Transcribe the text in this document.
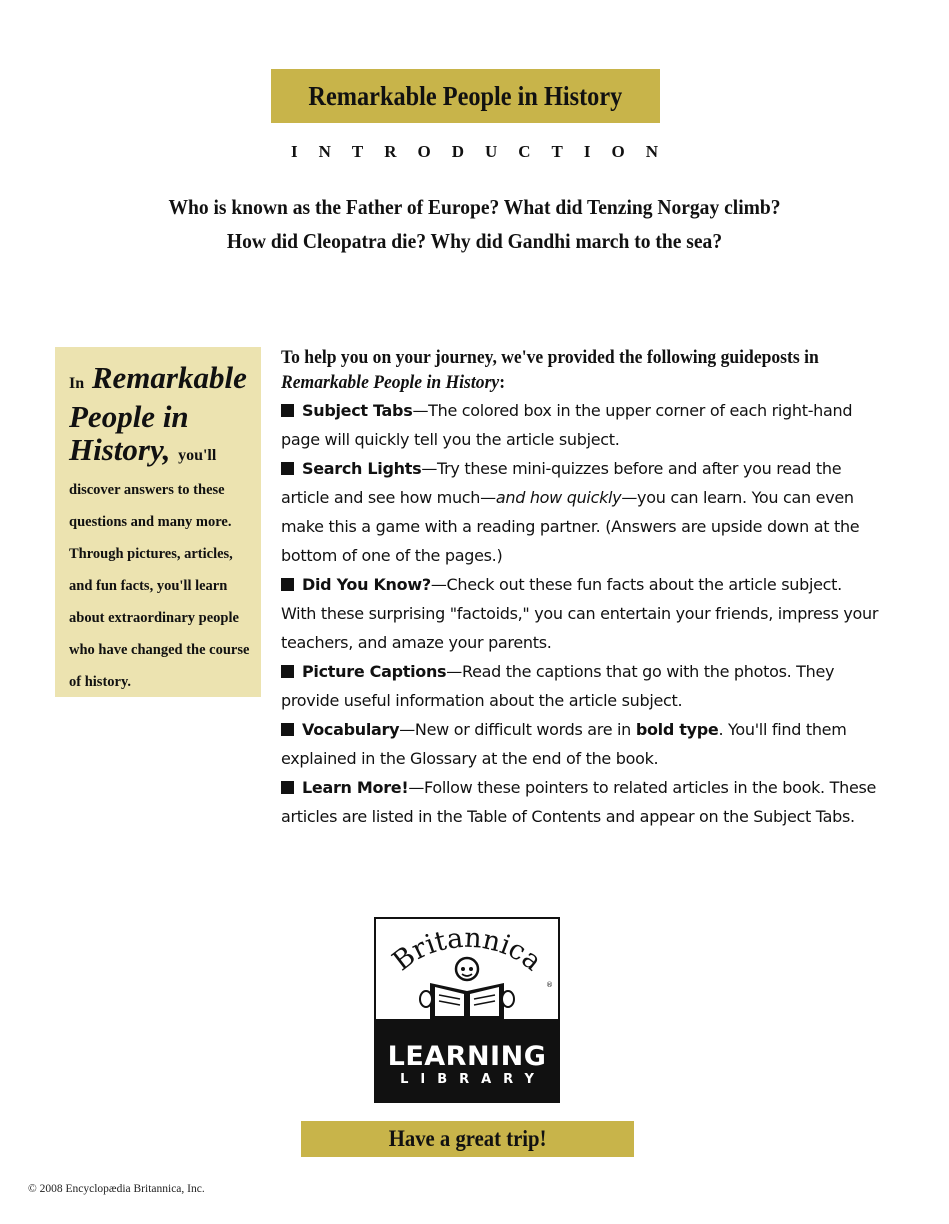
Remarkable People in History
INTRODUCTION
Who is known as the Father of Europe? What did Tenzing Norgay climb?
How did Cleopatra die? Why did Gandhi march to the sea?
In Remarkable People in History, you'll
discover answers to these questions and many more. Through pictures, articles, and fun facts, you'll learn about extraordinary people who have changed the course of history.
To help you on your journey, we've provided the following guideposts in
Remarkable People in History:
Subject Tabs—The colored box in the upper corner of each right-hand page will quickly tell you the article subject.
Search Lights—Try these mini-quizzes before and after you read the article and see how much—and how quickly—you can learn. You can even make this a game with a reading partner. (Answers are upside down at the bottom of one of the pages.)
Did You Know?—Check out these fun facts about the article subject. With these surprising "factoids," you can entertain your friends, impress your teachers, and amaze your parents.
Picture Captions—Read the captions that go with the photos. They provide useful information about the article subject.
Vocabulary—New or difficult words are in bold type. You'll find them explained in the Glossary at the end of the book.
Learn More!—Follow these pointers to related articles in the book. These articles are listed in the Table of Contents and appear on the Subject Tabs.
Britannica
®
LEARNING
LIBRARY
Have a great trip!
© 2008 Encyclopædia Britannica, Inc.
